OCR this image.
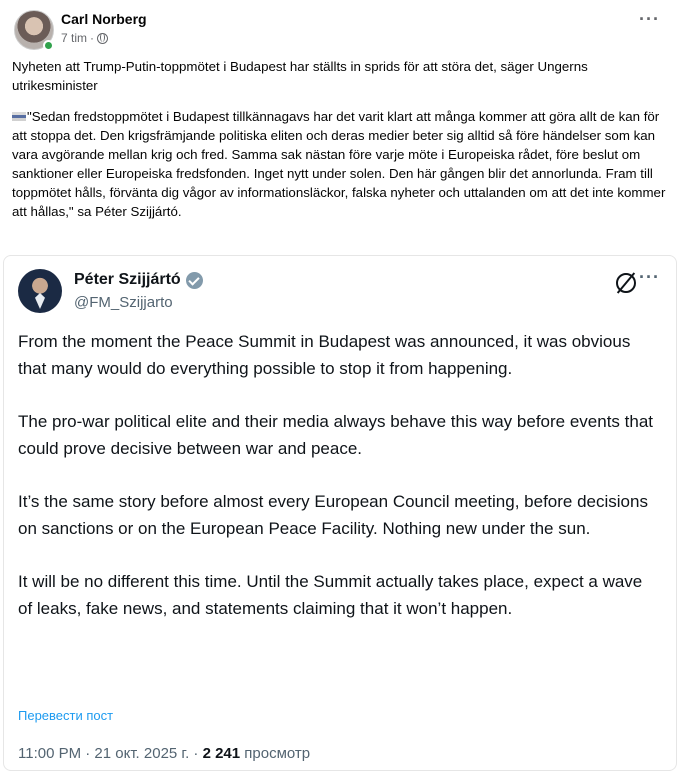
Carl Norberg
7 tim ·
···

Nyheten att Trump-Putin-toppmötet i Budapest har ställts in sprids för att störa det, säger Ungerns utrikesminister

"Sedan fredstoppmötet i Budapest tillkännagavs har det varit klart att många kommer att göra allt de kan för att stoppa det. Den krigsfrämjande politiska eliten och deras medier beter sig alltid så före händelser som kan vara avgörande mellan krig och fred. Samma sak nästan före varje möte i Europeiska rådet, före beslut om sanktioner eller Europeiska fredsfonden. Inget nytt under solen. Den här gången blir det annorlunda. Fram till toppmötet hålls, förvänta dig vågor av informationsläckor, falska nyheter och uttalanden om att det inte kommer att hållas," sa Péter Szijjártó.

Péter Szijjártó
@FM_Szijjarto
···

From the moment the Peace Summit in Budapest was announced, it was obvious that many would do everything possible to stop it from happening.

The pro-war political elite and their media always behave this way before events that could prove decisive between war and peace.

It’s the same story before almost every European Council meeting, before decisions on sanctions or on the European Peace Facility. Nothing new under the sun.

It will be no different this time. Until the Summit actually takes place, expect a wave of leaks, fake news, and statements claiming that it won’t happen.

Перевести пост
11:00 PM · 21 окт. 2025 г. · 2 241 просмотр
